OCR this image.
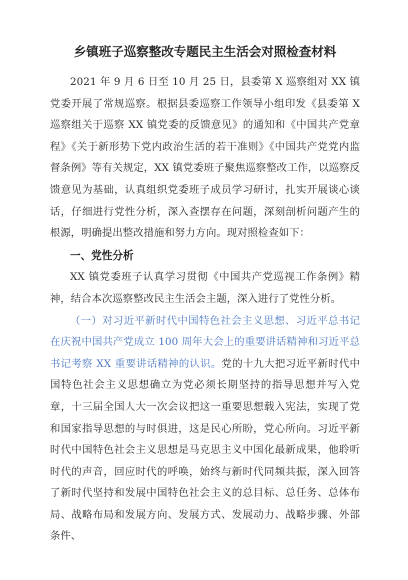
乡镇班子巡察整改专题民主生活会对照检查材料

2021 年 9 月 6 日至 10 月 25 日，县委第 X 巡察组对 XX 镇党委开展了常规巡察。根据县委巡察工作领导小组印发《县委第 X 巡察组关于巡察 XX 镇党委的反馈意见》的通知和《中国共产党章程》《关于新形势下党内政治生活的若干准则》《中国共产党党内监督条例》等有关规定，XX 镇党委班子聚焦巡察整改工作，以巡察反馈意见为基础，认真组织党委班子成员学习研讨，扎实开展谈心谈话，仔细进行党性分析，深入查摆存在问题，深刻剖析问题产生的根源，明确提出整改措施和努力方向。现对照检查如下：

一、党性分析

XX 镇党委班子认真学习贯彻《中国共产党巡视工作条例》精神，结合本次巡察整改民主生活会主题，深入进行了党性分析。

（一）对习近平新时代中国特色社会主义思想、习近平总书记在庆祝中国共产党成立 100 周年大会上的重要讲话精神和习近平总书记考察 XX 重要讲话精神的认识。党的十九大把习近平新时代中国特色社会主义思想确立为党必须长期坚持的指导思想并写入党章，十三届全国人大一次会议把这一重要思想载入宪法，实现了党和国家指导思想的与时俱进，这是民心所盼，党心所向。习近平新时代中国特色社会主义思想是马克思主义中国化最新成果，他聆听时代的声音，回应时代的呼唤，始终与新时代同频共振，深入回答了新时代坚持和发展中国特色社会主义的总目标、总任务、总体布局、战略布局和发展方向、发展方式、发展动力、战略步骤、外部条件、
